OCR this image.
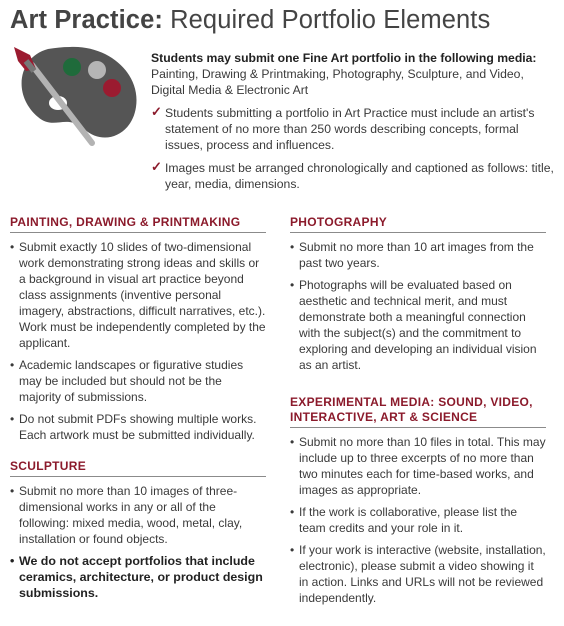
Art Practice: Required Portfolio Elements
Students may submit one Fine Art portfolio in the following media:
Painting, Drawing & Printmaking, Photography, Sculpture, and Video, Digital Media & Electronic Art
✓ Students submitting a portfolio in Art Practice must include an artist's statement of no more than 250 words describing concepts, formal issues, process and influences.
✓ Images must be arranged chronologically and captioned as follows: title, year, media, dimensions.
PAINTING, DRAWING & PRINTMAKING
• Submit exactly 10 slides of two-dimensional work demonstrating strong ideas and skills or a background in visual art practice beyond class assignments (inventive personal imagery, abstractions, difficult narratives, etc.). Work must be independently completed by the applicant.
• Academic landscapes or figurative studies may be included but should not be the majority of submissions.
• Do not submit PDFs showing multiple works. Each artwork must be submitted individually.
SCULPTURE
• Submit no more than 10 images of three-dimensional works in any or all of the following: mixed media, wood, metal, clay, installation or found objects.
• We do not accept portfolios that include ceramics, architecture, or product design submissions.
PHOTOGRAPHY
• Submit no more than 10 art images from the past two years.
• Photographs will be evaluated based on aesthetic and technical merit, and must demonstrate both a meaningful connection with the subject(s) and the commitment to exploring and developing an individual vision as an artist.
EXPERIMENTAL MEDIA: SOUND, VIDEO, INTERACTIVE, ART & SCIENCE
• Submit no more than 10 files in total. This may include up to three excerpts of no more than two minutes each for time-based works, and images as appropriate.
• If the work is collaborative, please list the team credits and your role in it.
• If your work is interactive (website, installation, electronic), please submit a video showing it in action. Links and URLs will not be reviewed independently.
